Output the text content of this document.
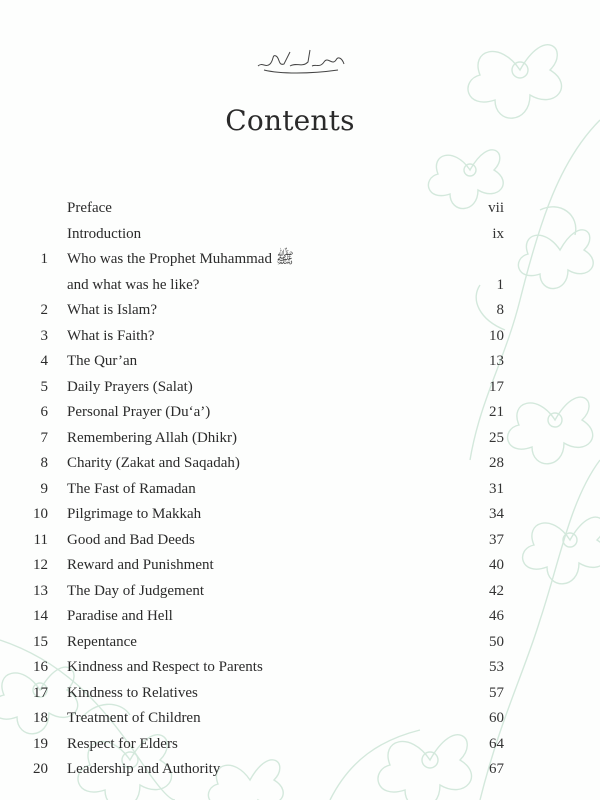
Contents
Preface	vii
Introduction	ix
1 Who was the Prophet Muhammad ﷺ
and what was he like?	1
2 What is Islam?	8
3 What is Faith?	10
4 The Qur’an	13
5 Daily Prayers (Salat)	17
6 Personal Prayer (Du‘a’)	21
7 Remembering Allah (Dhikr)	25
8 Charity (Zakat and Saqadah)	28
9 The Fast of Ramadan	31
10 Pilgrimage to Makkah	34
11 Good and Bad Deeds	37
12 Reward and Punishment	40
13 The Day of Judgement	42
14 Paradise and Hell	46
15 Repentance	50
16 Kindness and Respect to Parents	53
17 Kindness to Relatives	57
18 Treatment of Children	60
19 Respect for Elders	64
20 Leadership and Authority	67
